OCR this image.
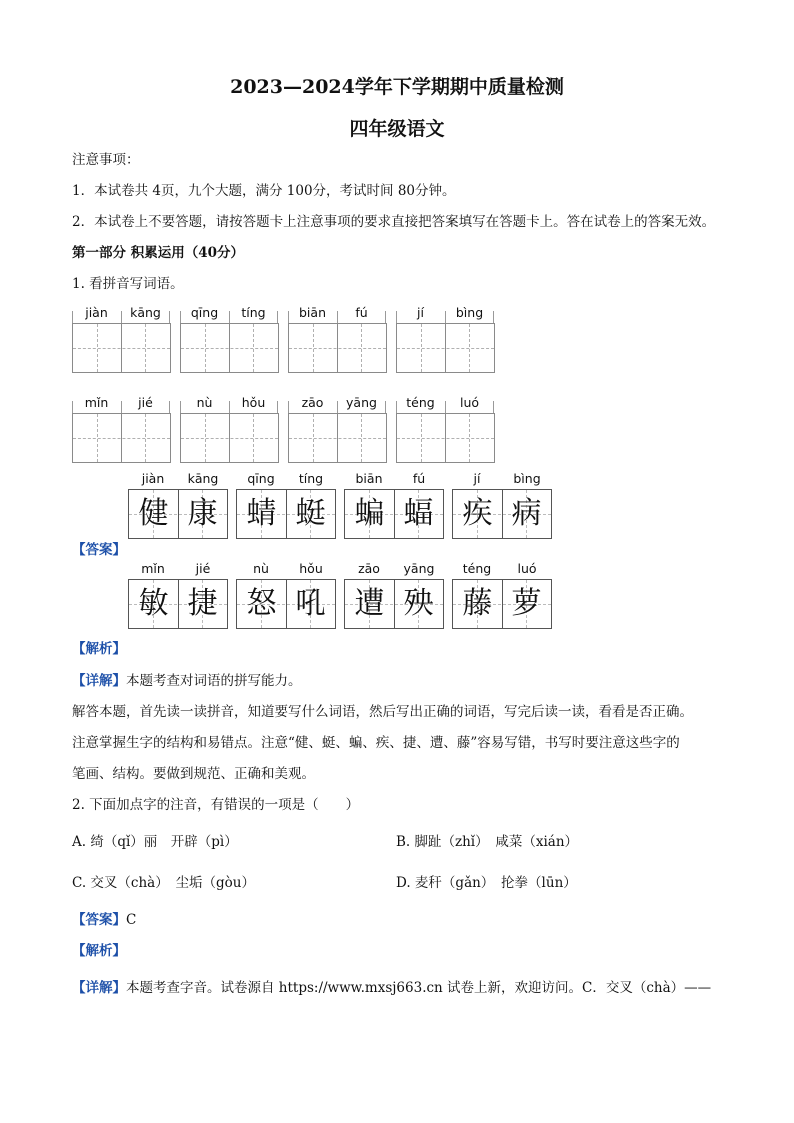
2023—2024学年下学期期中质量检测
四年级语文
注意事项：
1．本试卷共 4页，九个大题，满分 100分，考试时间 80分钟。
2．本试卷上不要答题，请按答题卡上注意事项的要求直接把答案填写在答题卡上。答在试卷上的答案无效。
第一部分 积累运用（40分）
1. 看拼音写词语。
jiàn	kāng	qīng	tíng	biān	fú	jí	bìng
mǐn	jié	nù	hǒu	zāo	yāng	téng	luó
【答案】
jiàn	kāng
健 康
qīng	tíng
蜻 蜓
biān	fú
蝙 蝠
jí	bìng
疾 病
mǐn	jié
敏 捷
nù	hǒu
怒 吼
zāo	yāng
遭 殃
téng	luó
藤 萝
【解析】
【详解】本题考查对词语的拼写能力。
解答本题，首先读一读拼音，知道要写什么词语，然后写出正确的词语，写完后读一读，看看是否正确。
注意掌握生字的结构和易错点。注意“健、蜓、蝙、疾、捷、遭、藤”容易写错，书写时要注意这些字的
笔画、结构。要做到规范、正确和美观。
2. 下面加点字的注音，有错误的一项是（　　）
A. 绮（qǐ）丽　开辟（pì）	B. 脚趾（zhǐ）　咸菜（xián）
C. 交叉（chà）　尘垢（gòu）	D. 麦秆（gǎn）　抡拳（lūn）
【答案】C
【解析】
【详解】本题考查字音。试卷源自 https://www.mxsj663.cn 试卷上新，欢迎访问。C．交叉（chà）——
